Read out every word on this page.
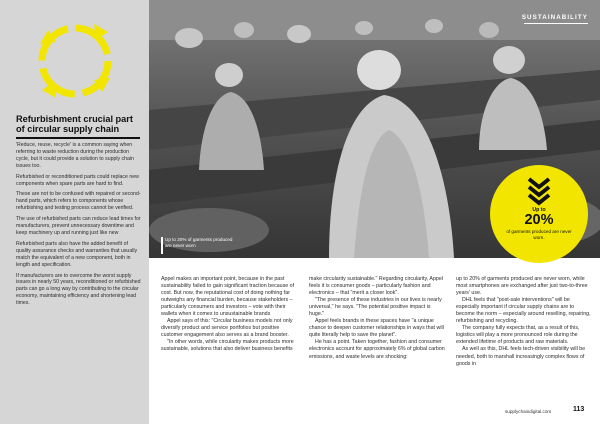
Refurbishment crucial part of circular supply chain

'Reduce, reuse, recycle' is a common saying when referring to waste reduction during the production cycle, but it could provide a solution to supply chain issues too.

Refurbished or reconditioned parts could replace new components when spare parts are hard to find.

These are not to be confused with repaired or second-hand parts, which refers to components whose refurbishing and testing process cannot be verified.

The use of refurbished parts can reduce lead times for manufacturers, prevent unnecessary downtime and keep machinery up and running just like new

Refurbished parts also have the added benefit of quality assurance checks and warranties that usually match the equivalent of a new component, both in length and specification.

If manufacturers are to overcome the worst supply issues in nearly 50 years, reconditioned or refurbished parts can go a long way by contributing to the circular economy, maintaining efficiency and shortening lead times.

SUSTAINABILITY
Up to 20% of garments produced are never worn
Up to
20%
of garments produced are never worn.

Appel makes an important point, because in the past sustainability failed to gain significant traction because of cost. But now, the reputational cost of doing nothing far outweighs any financial burden, because stakeholders – particularly consumers and investors – vote with their wallets when it comes to unsustainable brands

Appel says of this: "Circular business models not only diversify product and service portfolios but positive customer engagement also serves as a brand booster.

"In other words, while circularity makes products more sustainable, solutions that also deliver business benefits

make circularity sustainable." Regarding circularity, Appel feels it is consumer goods – particularly fashion and electronics – that "merit a closer look".

"The presence of these industries in our lives is nearly universal," he says. "The potential positive impact is huge."

Appel feels brands in these spaces have "a unique chance to deepen customer relationships in ways that will quite literally help to save the planet".

He has a point. Taken together, fashion and consumer electronics account for approximately 6% of global carbon emissions, and waste levels are shocking:

up to 20% of garments produced are never worn, while most smartphones are exchanged after just two-to-three years' use.

DHL feels that "post-sale interventions" will be especially important if circular supply chains are to become the norm – especially around reselling, repairing, refurbishing and recycling.

The company fully expects that, as a result of this, logistics will play a more pronounced role during the extended lifetime of products and raw materials.

As well as this, DHL feels tech-driven visibility will be needed, both to marshall increasingly complex flows of goods in

supplychaindigital.com	113
